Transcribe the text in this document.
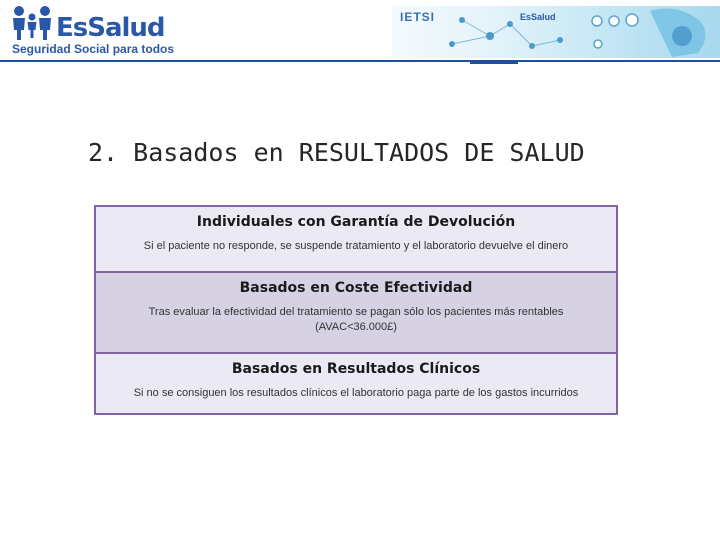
EsSalud
Seguridad Social para todos
IETSI	EsSalud
2. Basados en RESULTADOS DE SALUD
Individuales con Garantía de Devolución
Si el paciente no responde, se suspende tratamiento y el laboratorio devuelve el dinero
Basados en Coste Efectividad
Tras evaluar la efectividad del tratamiento se pagan sólo los pacientes más rentables (AVAC<36.000£)
Basados en Resultados Clínicos
Si no se consiguen los resultados clínicos el laboratorio paga parte de los gastos incurridos
